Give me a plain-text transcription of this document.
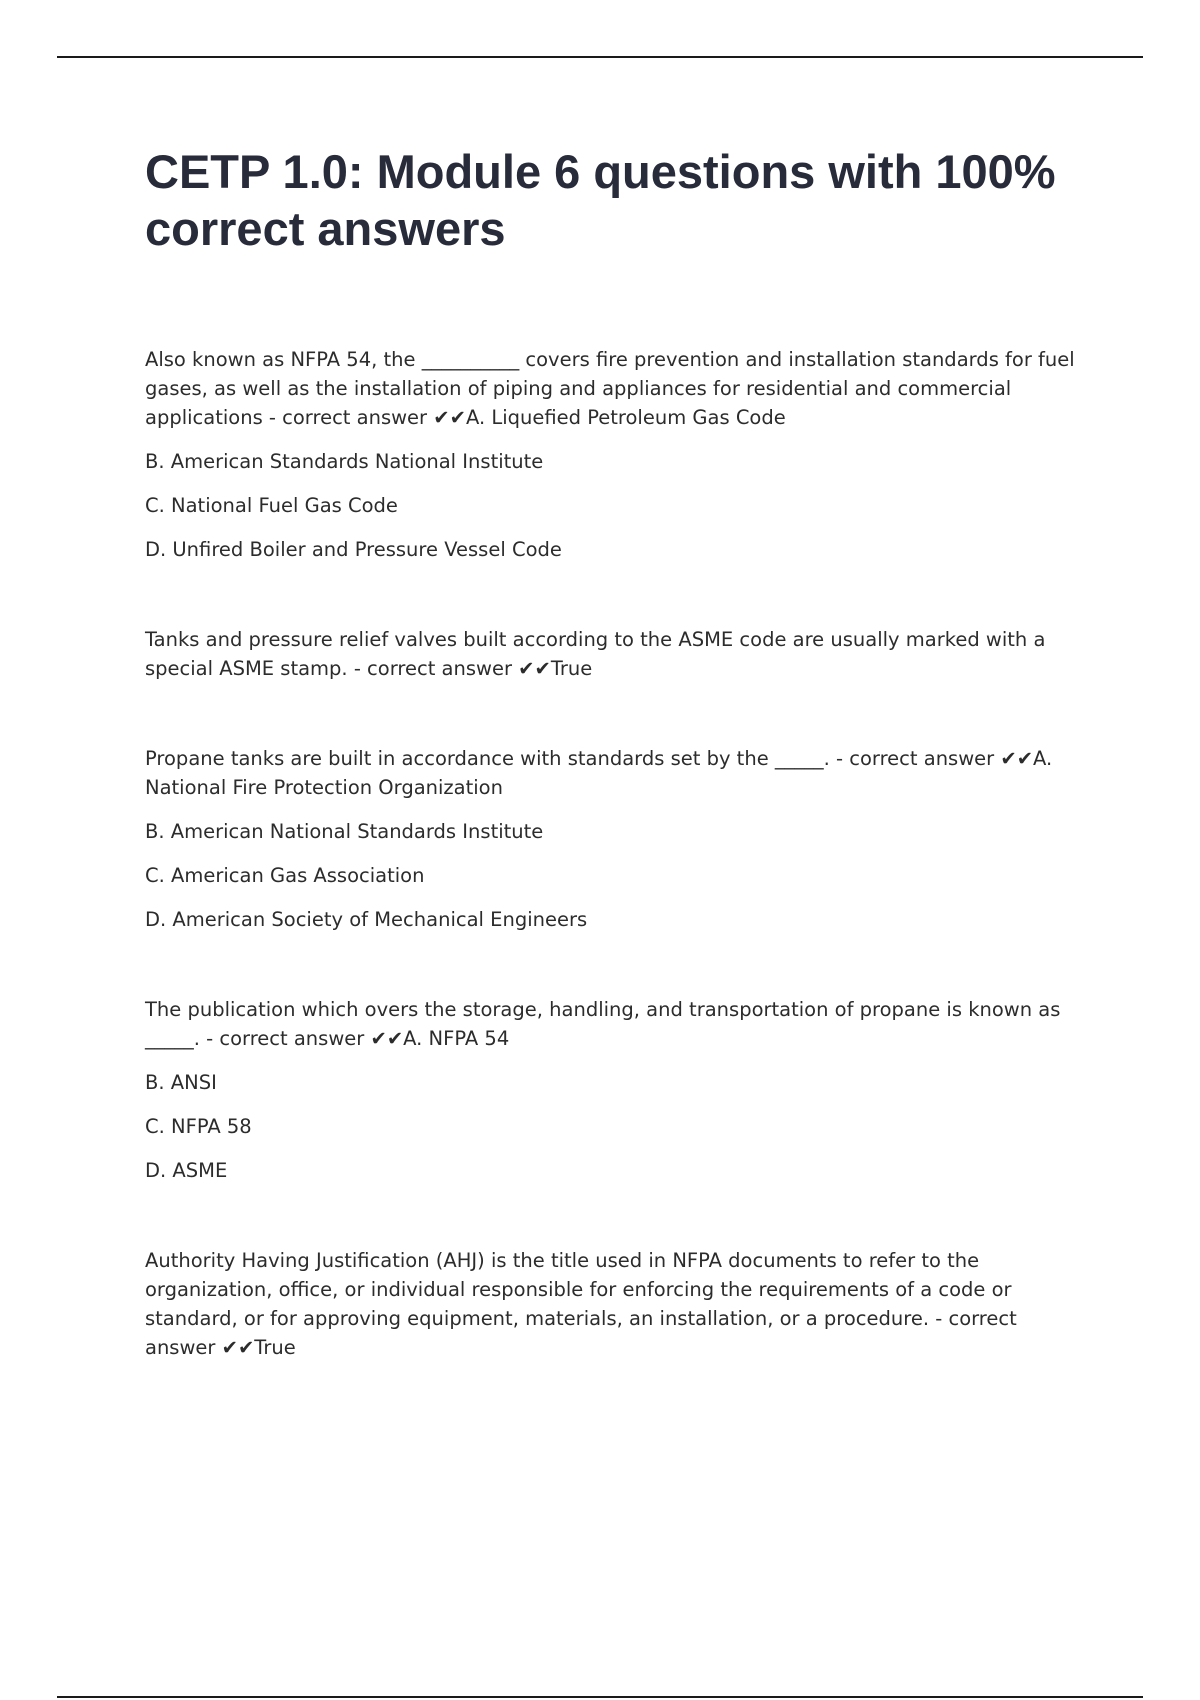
CETP 1.0: Module 6 questions with 100% correct answers

Also known as NFPA 54, the __________ covers fire prevention and installation standards for fuel gases, as well as the installation of piping and appliances for residential and commercial applications - correct answer ✔✔A. Liquefied Petroleum Gas Code

B. American Standards National Institute

C. National Fuel Gas Code

D. Unfired Boiler and Pressure Vessel Code

Tanks and pressure relief valves built according to the ASME code are usually marked with a special ASME stamp. - correct answer ✔✔True

Propane tanks are built in accordance with standards set by the _____. - correct answer ✔✔A. National Fire Protection Organization

B. American National Standards Institute

C. American Gas Association

D. American Society of Mechanical Engineers

The publication which overs the storage, handling, and transportation of propane is known as _____. - correct answer ✔✔A. NFPA 54

B. ANSI

C. NFPA 58

D. ASME

Authority Having Justification (AHJ) is the title used in NFPA documents to refer to the organization, office, or individual responsible for enforcing the requirements of a code or standard, or for approving equipment, materials, an installation, or a procedure. - correct answer ✔✔True
